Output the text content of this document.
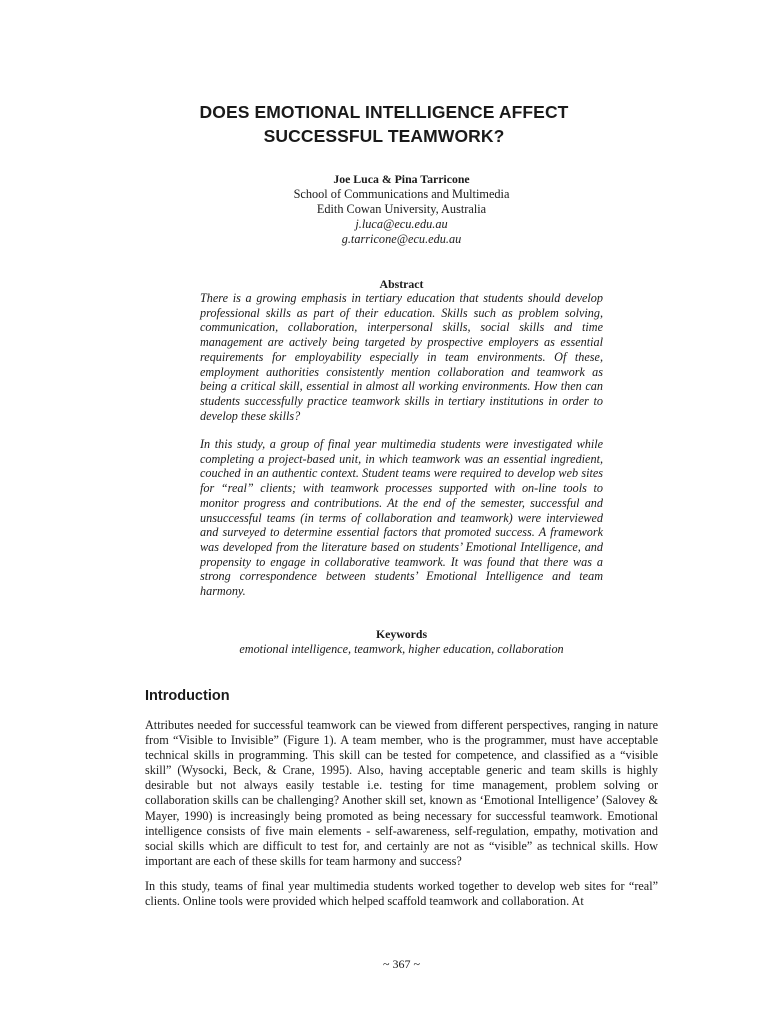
DOES EMOTIONAL INTELLIGENCE AFFECT
SUCCESSFUL TEAMWORK?
Joe Luca & Pina Tarricone
School of Communications and Multimedia
Edith Cowan University, Australia
j.luca@ecu.edu.au
g.tarricone@ecu.edu.au
Abstract

There is a growing emphasis in tertiary education that students should develop professional skills as part of their education. Skills such as problem solving, communication, collaboration, interpersonal skills, social skills and time management are actively being targeted by prospective employers as essential requirements for employability especially in team environments. Of these, employment authorities consistently mention collaboration and teamwork as being a critical skill, essential in almost all working environments. How then can students successfully practice teamwork skills in tertiary institutions in order to develop these skills?

In this study, a group of final year multimedia students were investigated while completing a project-based unit, in which teamwork was an essential ingredient, couched in an authentic context. Student teams were required to develop web sites for “real” clients; with teamwork processes supported with on-line tools to monitor progress and contributions. At the end of the semester, successful and unsuccessful teams (in terms of collaboration and teamwork) were interviewed and surveyed to determine essential factors that promoted success. A framework was developed from the literature based on students’ Emotional Intelligence, and propensity to engage in collaborative teamwork. It was found that there was a strong correspondence between students’ Emotional Intelligence and team harmony.

Keywords
emotional intelligence, teamwork, higher education, collaboration
Introduction

Attributes needed for successful teamwork can be viewed from different perspectives, ranging in nature from “Visible to Invisible” (Figure 1). A team member, who is the programmer, must have acceptable technical skills in programming. This skill can be tested for competence, and classified as a “visible skill” (Wysocki, Beck, & Crane, 1995). Also, having acceptable generic and team skills is highly desirable but not always easily testable i.e. testing for time management, problem solving or collaboration skills can be challenging? Another skill set, known as ‘Emotional Intelligence’ (Salovey & Mayer, 1990) is increasingly being promoted as being necessary for successful teamwork. Emotional intelligence consists of five main elements - self-awareness, self-regulation, empathy, motivation and social skills which are difficult to test for, and certainly are not as “visible” as technical skills. How important are each of these skills for team harmony and success?

In this study, teams of final year multimedia students worked together to develop web sites for “real” clients. Online tools were provided which helped scaffold teamwork and collaboration. At

~ 367 ~
